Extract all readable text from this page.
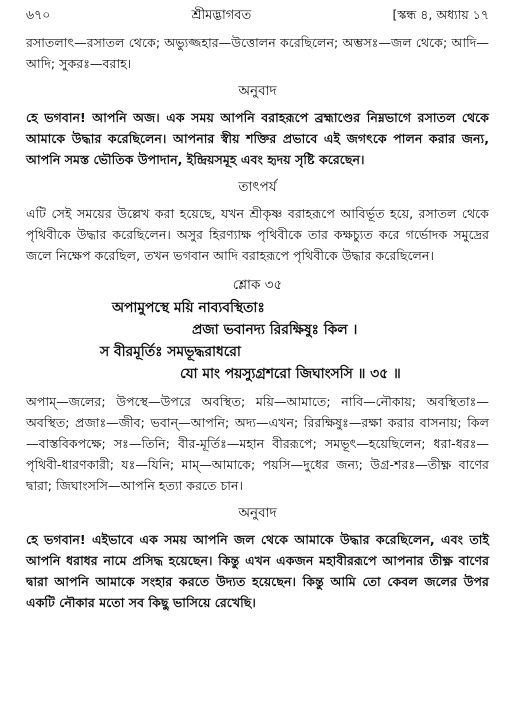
৬৭০	শ্রীমদ্ভাগবত	[স্কন্ধ ৪, অধ্যায় ১৭

রসাতলাৎ—রসাতল থেকে; অভ্যুজ্জহার—উত্তোলন করেছিলেন; অম্ভসঃ—জল থেকে; আদি—আদি; সুকরঃ—বরাহ।

অনুবাদ

হে ভগবান! আপনি অজ। এক সময় আপনি বরাহরূপে ব্রহ্মাণ্ডের নিম্নভাগে রসাতল থেকে আমাকে উদ্ধার করেছিলেন। আপনার স্বীয় শক্তির প্রভাবে এই জগৎকে পালন করার জন্য, আপনি সমস্ত ভৌতিক উপাদান, ইন্দ্রিয়সমূহ এবং হৃদয় সৃষ্টি করেছেন।

তাৎপর্য

এটি সেই সময়ের উল্লেখ করা হয়েছে, যখন শ্রীকৃষ্ণ বরাহরূপে আবির্ভূত হয়ে, রসাতল থেকে পৃথিবীকে উদ্ধার করেছিলেন। অসুর হিরণ্যাক্ষ পৃথিবীকে তার কক্ষচ্যুত করে গর্ভোদক সমুদ্রের জলে নিক্ষেপ করেছিল, তখন ভগবান আদি বরাহরূপে পৃথিবীকে উদ্ধার করেছিলেন।

শ্লোক ৩৫
অপামুপস্থে ময়ি নাব্যবস্থিতাঃ
প্রজা ভবানদ্য রিরক্ষিষুঃ কিল ।
স বীরমূর্তিঃ সমভূদ্ধরাধরো
যো মাং পয়স্যুগ্রশরো জিঘাংসসি ॥ ৩৫ ॥

অপাম্—জলের; উপস্থে—উপরে অবস্থিত; ময়ি—আমাতে; নাবি—নৌকায়; অবস্থিতাঃ—অবস্থিত; প্রজাঃ—জীব; ভবান্—আপনি; অদ্য—এখন; রিরক্ষিষুঃ—রক্ষা করার বাসনায়; কিল—বাস্তবিকপক্ষে; সঃ—তিনি; বীর-মূর্তিঃ—মহান বীররূপে; সমভূৎ—হয়েছিলেন; ধরা-ধরঃ—পৃথিবী-ধারণকারী; যঃ—যিনি; মাম্—আমাকে; পয়সি—দুধের জন্য; উগ্র-শরঃ—তীক্ষ্ণ বাণের দ্বারা; জিঘাংসসি—আপনি হত্যা করতে চান।

অনুবাদ

হে ভগবান! এইভাবে এক সময় আপনি জল থেকে আমাকে উদ্ধার করেছিলেন, এবং তাই আপনি ধরাধর নামে প্রসিদ্ধ হয়েছেন। কিন্তু এখন একজন মহাবীররূপে আপনার তীক্ষ্ণ বাণের দ্বারা আপনি আমাকে সংহার করতে উদ্যত হয়েছেন। কিন্তু আমি তো কেবল জলের উপর একটি নৌকার মতো সব কিছু ভাসিয়ে রেখেছি।
